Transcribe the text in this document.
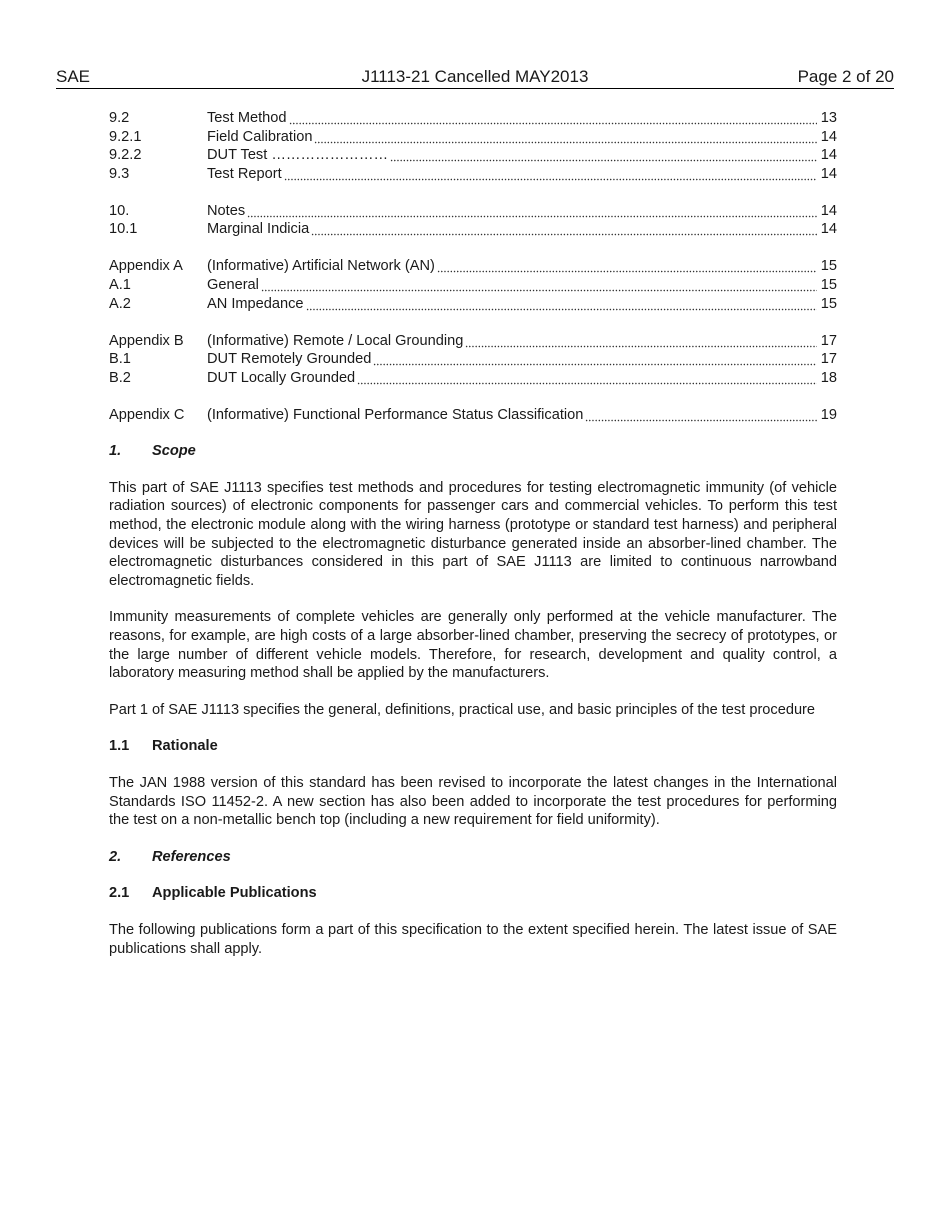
SAE	J1113-21 Cancelled MAY2013	Page 2 of 20
9.2	Test Method	13
9.2.1	Field Calibration	14
9.2.2	DUT Test ……………………	14
9.3	Test Report	14
10.	Notes	14
10.1	Marginal Indicia	14
Appendix A	(Informative) Artificial Network (AN)	15
A.1	General	15
A.2	AN Impedance	15
Appendix B	(Informative) Remote / Local Grounding	17
B.1	DUT Remotely Grounded	17
B.2	DUT Locally Grounded	18
Appendix C	(Informative) Functional Performance Status Classification	19
1.	Scope

This part of SAE J1113 specifies test methods and procedures for testing electromagnetic immunity (of vehicle radiation sources) of electronic components for passenger cars and commercial vehicles. To perform this test method, the electronic module along with the wiring harness (prototype or standard test harness) and peripheral devices will be subjected to the electromagnetic disturbance generated inside an absorber-lined chamber. The electromagnetic disturbances considered in this part of SAE J1113 are limited to continuous narrowband electromagnetic fields.

Immunity measurements of complete vehicles are generally only performed at the vehicle manufacturer. The reasons, for example, are high costs of a large absorber-lined chamber, preserving the secrecy of prototypes, or the large number of different vehicle models. Therefore, for research, development and quality control, a laboratory measuring method shall be applied by the manufacturers.

Part 1 of SAE J1113 specifies the general, definitions, practical use, and basic principles of the test procedure

1.1	Rationale

The JAN 1988 version of this standard has been revised to incorporate the latest changes in the International Standards ISO 11452-2. A new section has also been added to incorporate the test procedures for performing the test on a non-metallic bench top (including a new requirement for field uniformity).

2.	References
2.1	Applicable Publications

The following publications form a part of this specification to the extent specified herein. The latest issue of SAE publications shall apply.
